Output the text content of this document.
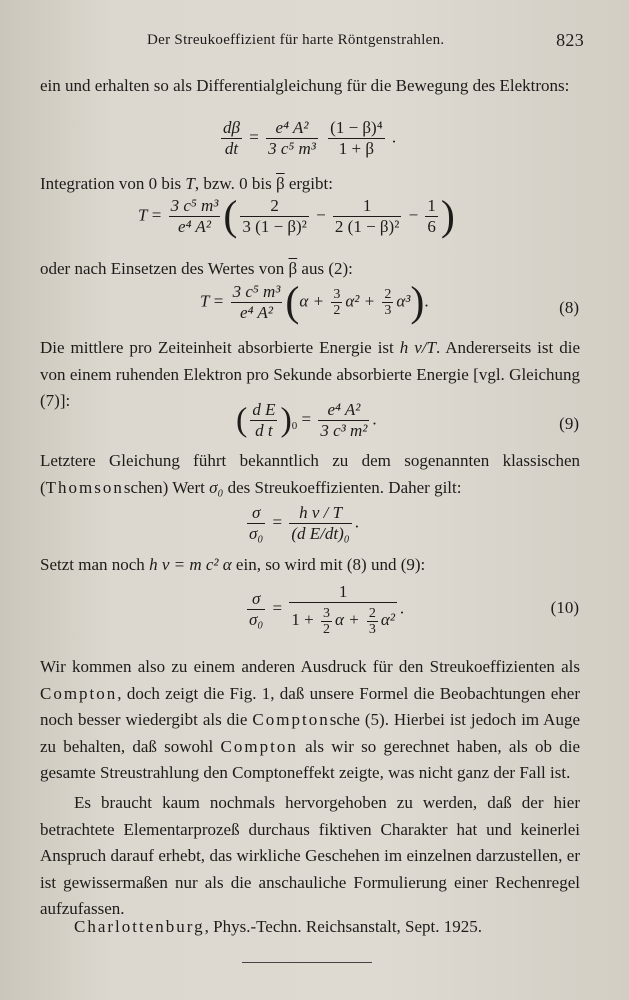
Der Streukoeffizient für harte Röntgenstrahlen.	823
ein und erhalten so als Differentialgleichung für die Bewegung des Elektrons:
$\frac{d\beta}{dt} = \frac{\text{e⁴ A²}}{\text{3 c⁵ m³}}$
$\frac{\text{(1 − β)⁴}}{1 + \beta}$ .
Integration von 0 bis T, bzw. 0 bis $\overline{\beta}$ ergibt:
$T = \frac{\text{3 c⁵ m³}}{\text{e⁴ A²}}$ ( $\frac{2}{\text{3 (1 − β)²}} - \frac{1}{\text{2 (1 − β)²}} - \frac{1}{6}$ )
oder nach Einsetzen des Wertes von $\overline{\beta}$ aus (2):
$T = \frac{\text{3 c⁵ m³}}{\text{e⁴ A²}} (\alpha + \frac{3}{2} \alpha^2 + \frac{2}{3} \alpha^3)$.	(8)
Die mittlere pro Zeiteinheit absorbierte Energie ist h ν/T. Andererseits ist die von einem ruhenden Elektron pro Sekunde absorbierte Energie [vgl. Gleichung (7)]:
( $\frac{\text{d E}}{\text{d t}} )_0 = \frac{\text{e⁴ A²}}{\text{3 c³ m²}}$ .	(9)
Letztere Gleichung führt bekanntlich zu dem sogenannten klassischen (Thomsonschen) Wert σ₀ des Streukoeffizienten. Daher gilt:
$\frac{\sigma}{\text{σ₀}} = \frac{\text{h ν / T}}{\text{(d E/dt)₀}}$ .
Setzt man noch h ν = m c² α ein, so wird mit (8) und (9):
$\frac{\sigma}{\text{σ₀}} = \frac{1}{1 + \frac{3}{2} \alpha + \frac{2}{3} \alpha^2}$ .	(10)
Wir kommen also zu einem anderen Ausdruck für den Streukoeffizienten als Compton, doch zeigt die Fig. 1, daß unsere Formel die Beobachtungen eher noch besser wiedergibt als die Comptonsche (5). Hierbei ist jedoch im Auge zu behalten, daß sowohl Compton als wir so gerechnet haben, als ob die gesamte Streustrahlung den Comptoneffekt zeigte, was nicht ganz der Fall ist.
Es braucht kaum nochmals hervorgehoben zu werden, daß der hier betrachtete Elementarprozeß durchaus fiktiven Charakter hat und keinerlei Anspruch darauf erhebt, das wirkliche Geschehen im einzelnen darzustellen, er ist gewissermaßen nur als die anschauliche Formulierung einer Rechenregel aufzufassen.
Charlottenburg, Phys.-Techn. Reichsanstalt, Sept. 1925.
